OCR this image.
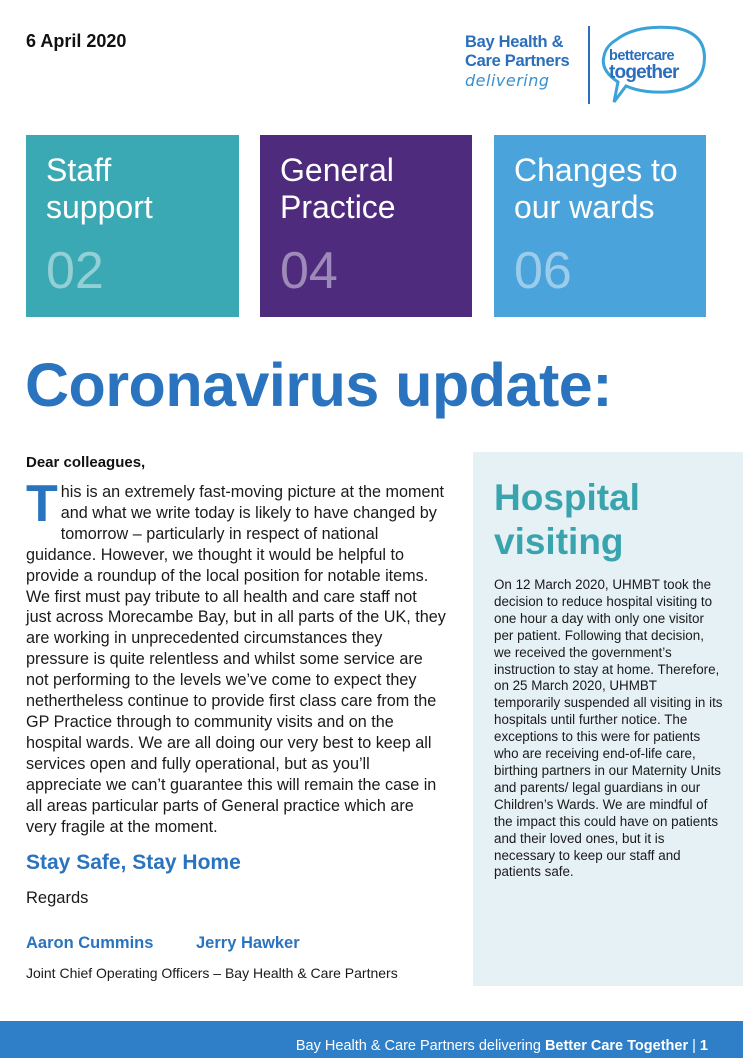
6 April 2020	Bay Health &
Care Partners
delivering
bettercare
together
Staff support
02
General Practice
04
Changes to our wards
06
Coronavirus update:
Dear colleagues,
This is an extremely fast-moving picture at the moment and what we write today is likely to have changed by tomorrow – particularly in respect of national guidance. However, we thought it would be helpful to provide a roundup of the local position for notable items. We first must pay tribute to all health and care staff not just across Morecambe Bay, but in all parts of the UK, they are working in unprecedented circumstances they pressure is quite relentless and whilst some service are not performing to the levels we’ve come to expect they nethertheless continue to provide first class care from the GP Practice through to community visits and on the hospital wards. We are all doing our very best to keep all services open and fully operational, but as you’ll appreciate we can’t guarantee this will remain the case in all areas particular parts of General practice which are very fragile at the moment.
Stay Safe, Stay Home
Regards
Aaron Cummins	Jerry Hawker
Joint Chief Operating Officers – Bay Health & Care Partners
Hospital visiting
On 12 March 2020, UHMBT took the decision to reduce hospital visiting to one hour a day with only one visitor per patient. Following that decision, we received the government’s instruction to stay at home. Therefore, on 25 March 2020, UHMBT temporarily suspended all visiting in its hospitals until further notice. The exceptions to this were for patients who are receiving end-of-life care, birthing partners in our Maternity Units and parents/ legal guardians in our Children’s Wards. We are mindful of the impact this could have on patients and their loved ones, but it is necessary to keep our staff and patients safe.
Bay Health & Care Partners delivering Better Care Together | 1
